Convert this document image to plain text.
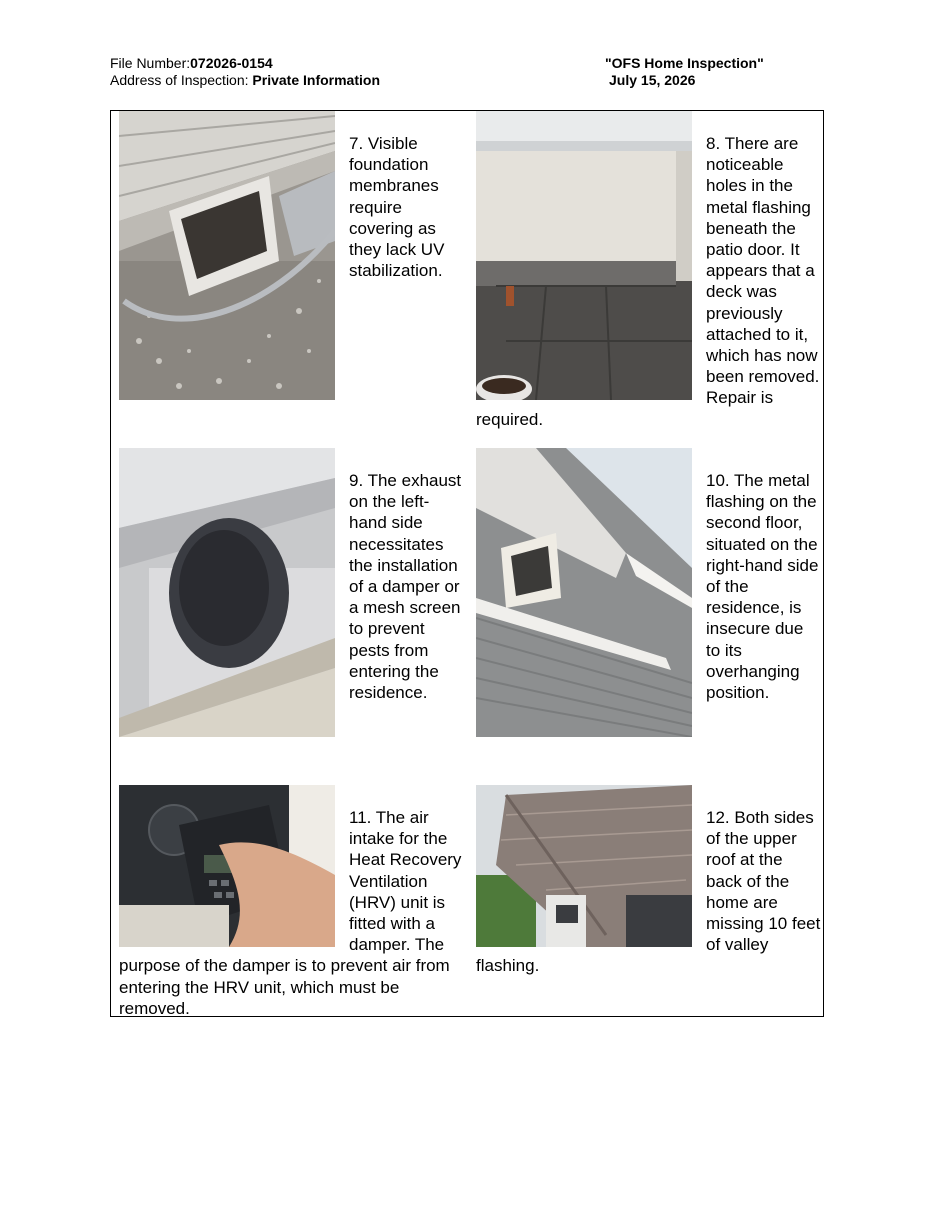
File Number:072026-0154
Address of Inspection: Private Information
"OFS Home Inspection"
July 15, 2026
7. Visible foundation membranes require covering as they lack UV stabilization.
8. There are noticeable holes in the metal flashing beneath the patio door. It appears that a deck was previously attached to it, which has now been removed. Repair is required.
9. The exhaust on the left-hand side necessitates the installation of a damper or a mesh screen to prevent pests from entering the residence.
10. The metal flashing on the second floor, situated on the right-hand side of the residence, is insecure due to its overhanging position.
11. The air intake for the Heat Recovery Ventilation (HRV) unit is fitted with a damper. The purpose of the damper is to prevent air from entering the HRV unit, which must be removed.
12. Both sides of the upper roof at the back of the home are missing 10 feet of valley flashing.
